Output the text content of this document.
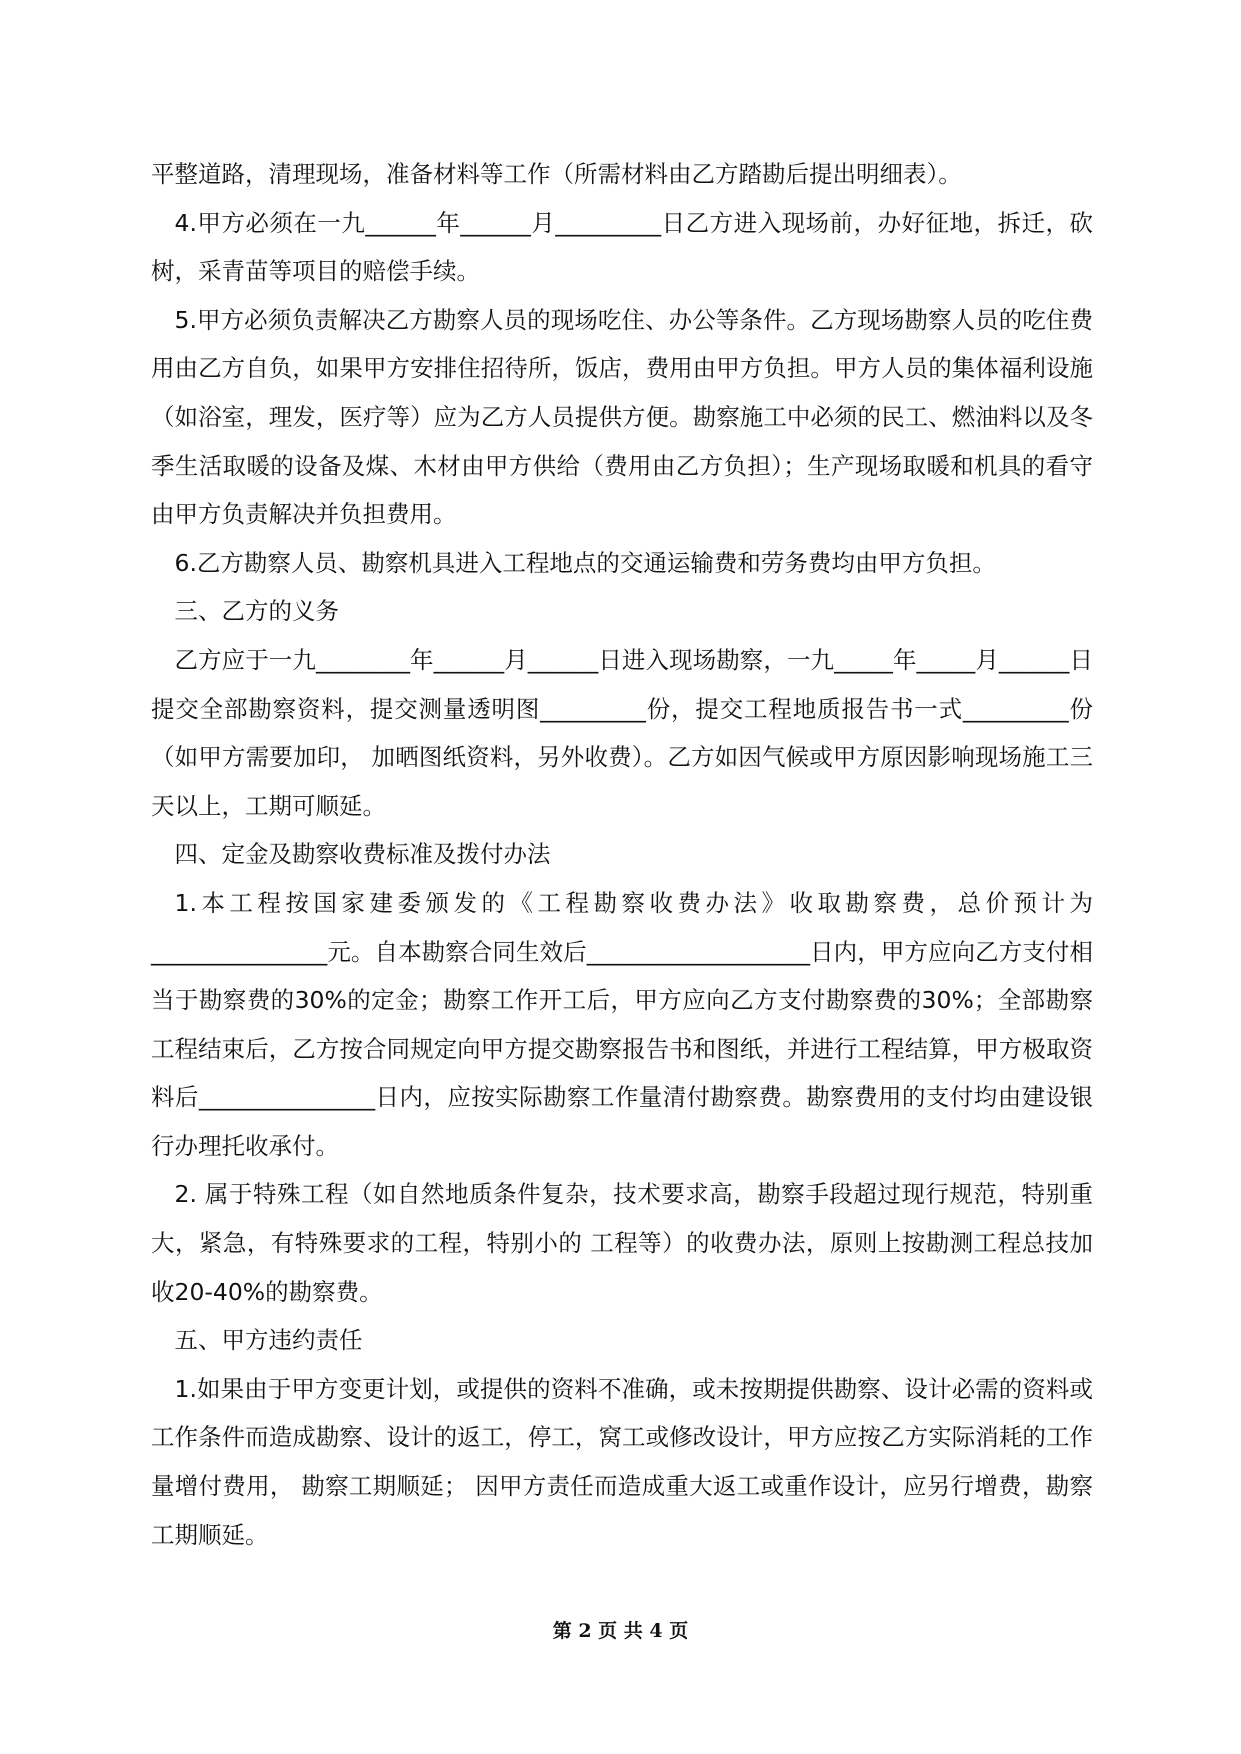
平整道路，清理现场，准备材料等工作（所需材料由乙方踏勘后提出明细表）。

4.甲方必须在一九______年______月_________日乙方进入现场前，办好征地，拆迁，砍树，采青苗等项目的赔偿手续。

5.甲方必须负责解决乙方勘察人员的现场吃住、办公等条件。乙方现场勘察人员的吃住费用由乙方自负，如果甲方安排住招待所，饭店，费用由甲方负担。甲方人员的集体福利设施（如浴室，理发，医疗等）应为乙方人员提供方便。勘察施工中必须的民工、燃油料以及冬季生活取暖的设备及煤、木材由甲方供给（费用由乙方负担）；生产现场取暖和机具的看守由甲方负责解决并负担费用。

6.乙方勘察人员、勘察机具进入工程地点的交通运输费和劳务费均由甲方负担。

三、乙方的义务

乙方应于一九________年______月______日进入现场勘察，一九_____年_____月______日提交全部勘察资料，提交测量透明图_________份，提交工程地质报告书一式_________份（如甲方需要加印， 加晒图纸资料，另外收费）。乙方如因气候或甲方原因影响现场施工三天以上，工期可顺延。

四、定金及勘察收费标准及拨付办法

1.本工程按国家建委颁发的《工程勘察收费办法》收取勘察费，总价预计为_______________元。自本勘察合同生效后___________________日内，甲方应向乙方支付相当于勘察费的30%的定金；勘察工作开工后，甲方应向乙方支付勘察费的30%；全部勘察工程结束后，乙方按合同规定向甲方提交勘察报告书和图纸，并进行工程结算，甲方极取资料后_______________日内，应按实际勘察工作量清付勘察费。勘察费用的支付均由建设银行办理托收承付。

2. 属于特殊工程（如自然地质条件复杂，技术要求高，勘察手段超过现行规范，特别重大，紧急，有特殊要求的工程，特别小的 工程等）的收费办法，原则上按勘测工程总技加收20-40%的勘察费。

五、甲方违约责任

1.如果由于甲方变更计划，或提供的资料不准确，或未按期提供勘察、设计必需的资料或工作条件而造成勘察、设计的返工，停工，窝工或修改设计，甲方应按乙方实际消耗的工作量增付费用， 勘察工期顺延； 因甲方责任而造成重大返工或重作设计，应另行增费，勘察工期顺延。

第 2 页 共 4 页
